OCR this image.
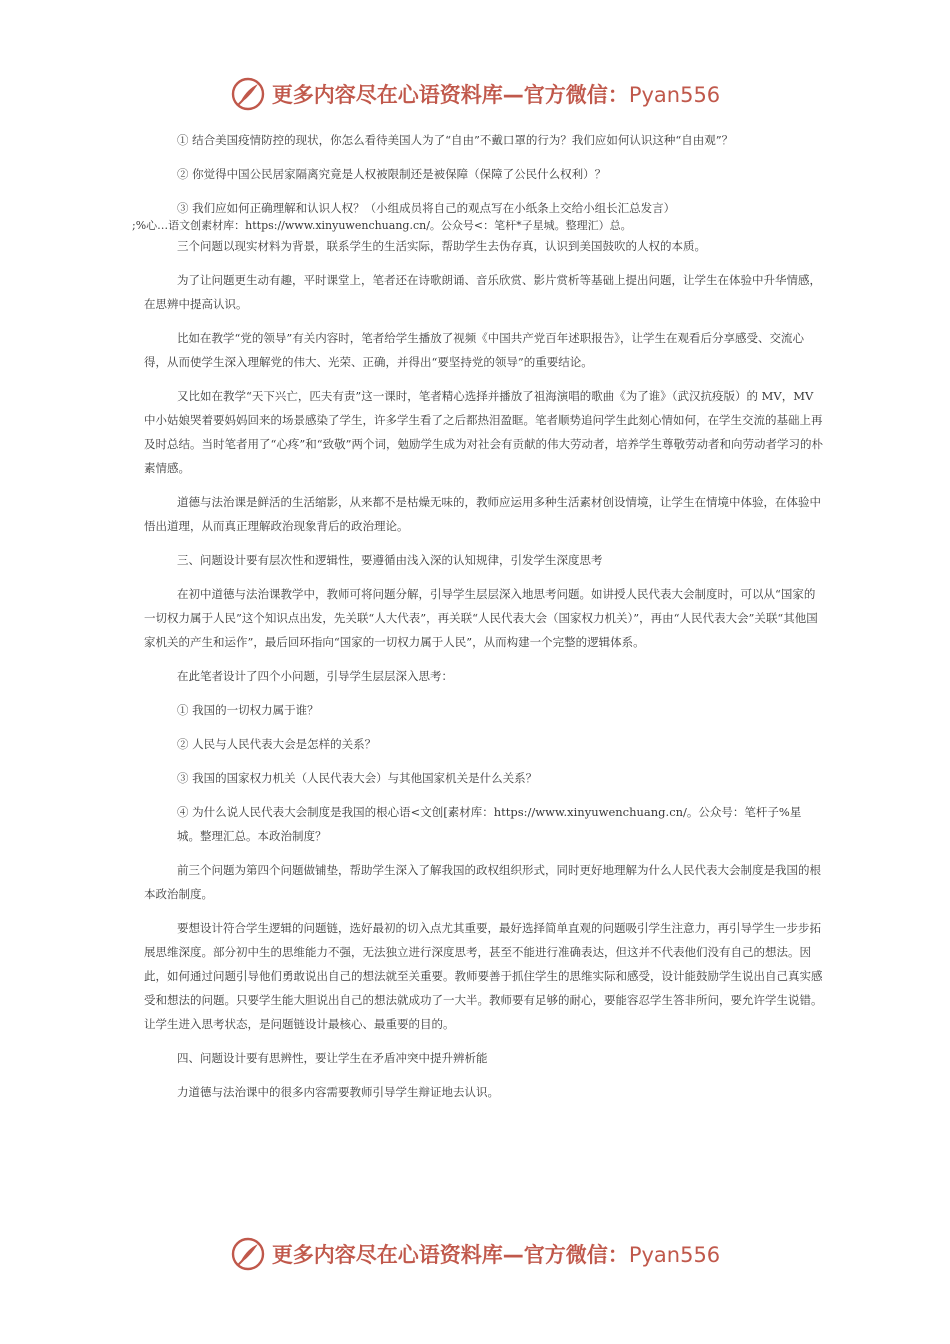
更多内容尽在心语资料库—官方微信：Pyan556

① 结合美国疫情防控的现状，你怎么看待美国人为了“自由”不戴口罩的行为？我们应如何认识这种“自由观”？

② 你觉得中国公民居家隔离究竟是人权被限制还是被保障（保障了公民什么权利）？

③ 我们应如何正确理解和认识人权？（小组成员将自己的观点写在小纸条上交给小组长汇总发言）

;%心…语文创素材库：https://www.xinyuwenchuang.cn/。公众号<：笔杆*子星城。整理汇）总。

三个问题以现实材料为背景，联系学生的生活实际，帮助学生去伪存真，认识到美国鼓吹的人权的本质。

为了让问题更生动有趣，平时课堂上，笔者还在诗歌朗诵、音乐欣赏、影片赏析等基础上提出问题，让学生在体验中升华情感，在思辨中提高认识。

比如在教学“党的领导”有关内容时，笔者给学生播放了视频《中国共产党百年述职报告》，让学生在观看后分享感受、交流心得，从而使学生深入理解党的伟大、光荣、正确，并得出“要坚持党的领导”的重要结论。

又比如在教学“天下兴亡，匹夫有责”这一课时，笔者精心选择并播放了祖海演唱的歌曲《为了谁》（武汉抗疫版）的 MV，MV 中小姑娘哭着要妈妈回来的场景感染了学生，许多学生看了之后都热泪盈眶。笔者顺势追问学生此刻心情如何，在学生交流的基础上再及时总结。当时笔者用了“心疼”和“致敬”两个词，勉励学生成为对社会有贡献的伟大劳动者，培养学生尊敬劳动者和向劳动者学习的朴素情感。

道德与法治课是鲜活的生活缩影，从来都不是枯燥无味的，教师应运用多种生活素材创设情境，让学生在情境中体验，在体验中悟出道理，从而真正理解政治现象背后的政治理论。

三、问题设计要有层次性和逻辑性，要遵循由浅入深的认知规律，引发学生深度思考

在初中道德与法治课教学中，教师可将问题分解，引导学生层层深入地思考问题。如讲授人民代表大会制度时，可以从“国家的一切权力属于人民”这个知识点出发，先关联“人大代表”，再关联“人民代表大会（国家权力机关）”，再由“人民代表大会”关联“其他国家机关的产生和运作”，最后回环指向“国家的一切权力属于人民”，从而构建一个完整的逻辑体系。

在此笔者设计了四个小问题，引导学生层层深入思考：

① 我国的一切权力属于谁？

② 人民与人民代表大会是怎样的关系？

③ 我国的国家权力机关（人民代表大会）与其他国家机关是什么关系？

④ 为什么说人民代表大会制度是我国的根心语<文创[素材库：https://www.xinyuwenchuang.cn/。公众号：笔杆子%星城。整理汇总。本政治制度？

前三个问题为第四个问题做铺垫，帮助学生深入了解我国的政权组织形式，同时更好地理解为什么人民代表大会制度是我国的根本政治制度。

要想设计符合学生逻辑的问题链，选好最初的切入点尤其重要，最好选择简单直观的问题吸引学生注意力，再引导学生一步步拓展思维深度。部分初中生的思维能力不强，无法独立进行深度思考，甚至不能进行准确表达，但这并不代表他们没有自己的想法。因此，如何通过问题引导他们勇敢说出自己的想法就至关重要。教师要善于抓住学生的思维实际和感受，设计能鼓励学生说出自己真实感受和想法的问题。只要学生能大胆说出自己的想法就成功了一大半。教师要有足够的耐心，要能容忍学生答非所问，要允许学生说错。让学生进入思考状态，是问题链设计最核心、最重要的目的。

四、问题设计要有思辨性，要让学生在矛盾冲突中提升辨析能

力道德与法治课中的很多内容需要教师引导学生辩证地去认识。

更多内容尽在心语资料库—官方微信：Pyan556
